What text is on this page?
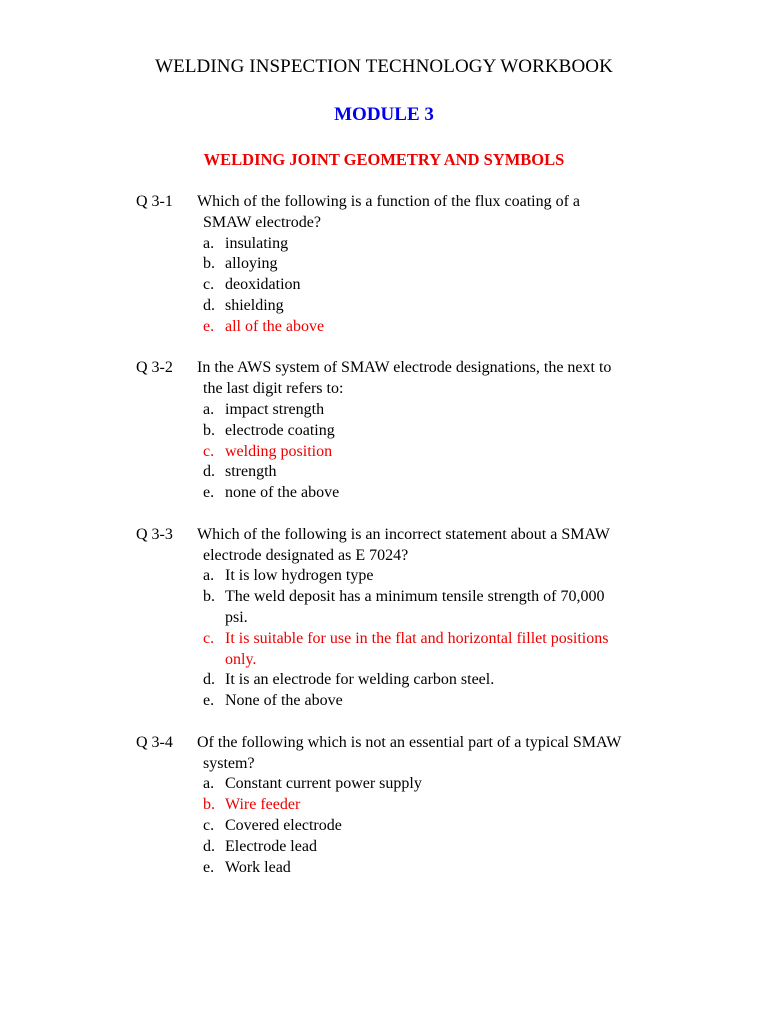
WELDING INSPECTION TECHNOLOGY WORKBOOK
MODULE 3
WELDING JOINT GEOMETRY AND SYMBOLS
Q 3-1	Which of the following is a function of the flux coating of a SMAW electrode?
a. insulating
b. alloying
c. deoxidation
d. shielding
e. all of the above
Q 3-2	In the AWS system of SMAW electrode designations, the next to the last digit refers to:
a. impact strength
b. electrode coating
c. welding position
d. strength
e. none of the above
Q 3-3	Which of the following is an incorrect statement about a SMAW electrode designated as E 7024?
a. It is low hydrogen type
b. The weld deposit has a minimum tensile strength of 70,000 psi.
c. It is suitable for use in the flat and horizontal fillet positions only.
d. It is an electrode for welding carbon steel.
e. None of the above
Q 3-4	Of the following which is not an essential part of a typical SMAW system?
a. Constant current power supply
b. Wire feeder
c. Covered electrode
d. Electrode lead
e. Work lead
